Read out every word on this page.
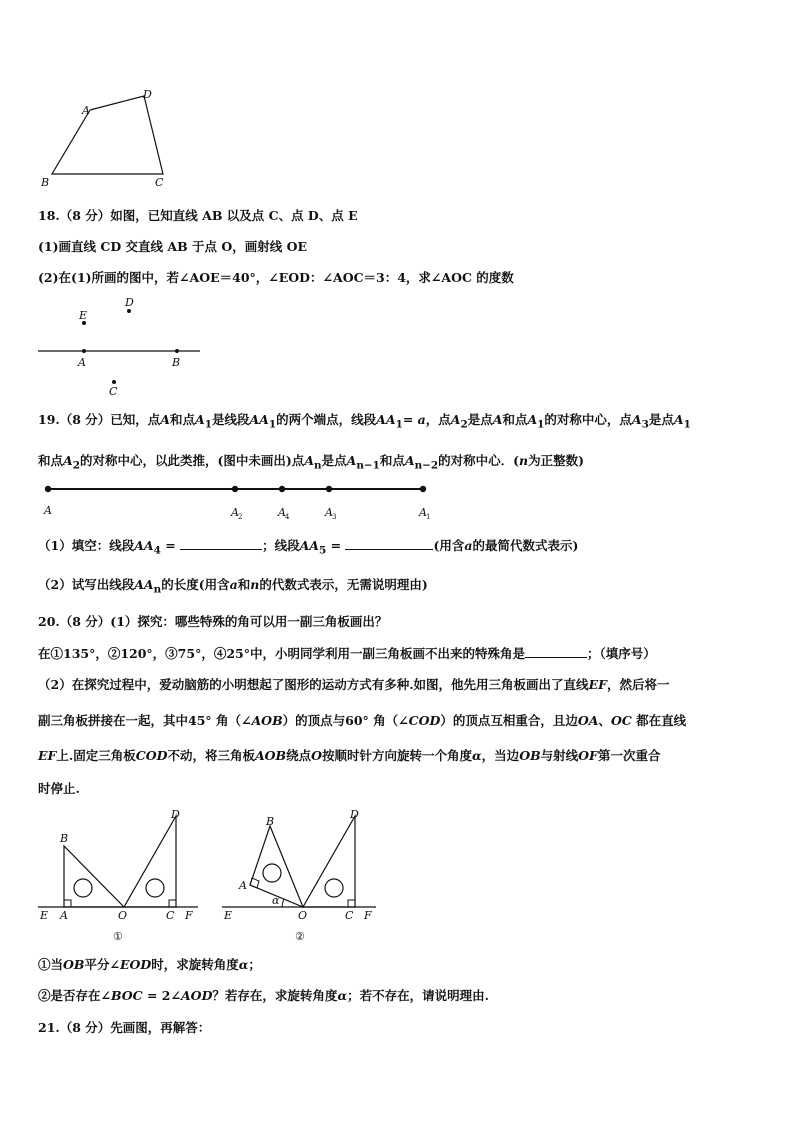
A
D
B	C
18.（8 分）如图，已知直线 AB 以及点 C、点 D、点 E
(1)画直线 CD 交直线 AB 于点 O，画射线 OE
(2)在(1)所画的图中，若∠AOE＝40°，∠EOD：∠AOC＝3：4，求∠AOC 的度数
E
D
A	B
C
19.（8 分）已知，点A和点$A_1$是线段$AA_1$的两个端点，线段$AA_1= a$，点$A_2$是点A和点$A_1$的对称中心，点$A_3$是点$A_1$
和点$A_2$的对称中心，以此类推，(图中未画出)点$A_n$是点$A_{n-1}$和点$A_{n-2}$的对称中心．(n为正整数)
A	A 2	A 4	A 3	A 1
（1）填空：线段$AA_4$ =	；线段$AA_5$ =	(用含a的最简代数式表示)
（2）试写出线段$AA_n$的长度(用含a和n的代数式表示，无需说明理由)
20.（8 分）(1）探究：哪些特殊的角可以用一副三角板画出？
在①135°，②120°，③75°，④25°中，小明同学利用一副三角板画不出来的特殊角是	；（填序号）
（2）在探究过程中，爱动脑筋的小明想起了图形的运动方式有多种.如图，他先用三角板画出了直线EF，然后将一
副三角板拼接在一起，其中45° 角（∠AOB）的顶点与60° 角（∠COD）的顶点互相重合，且边OA、OC 都在直线
EF上.固定三角板COD不动，将三角板AOB绕点O按顺时针方向旋转一个角度α，当边OB与射线OF第一次重合
时停止.
B
D
E A	O	C F
①
B
D
A
α
E	O	C F
②
①当OB平分∠EOD时，求旋转角度α；
②是否存在∠BOC = 2∠AOD？若存在，求旋转角度α；若不存在，请说明理由.
21.（8 分）先画图，再解答：
